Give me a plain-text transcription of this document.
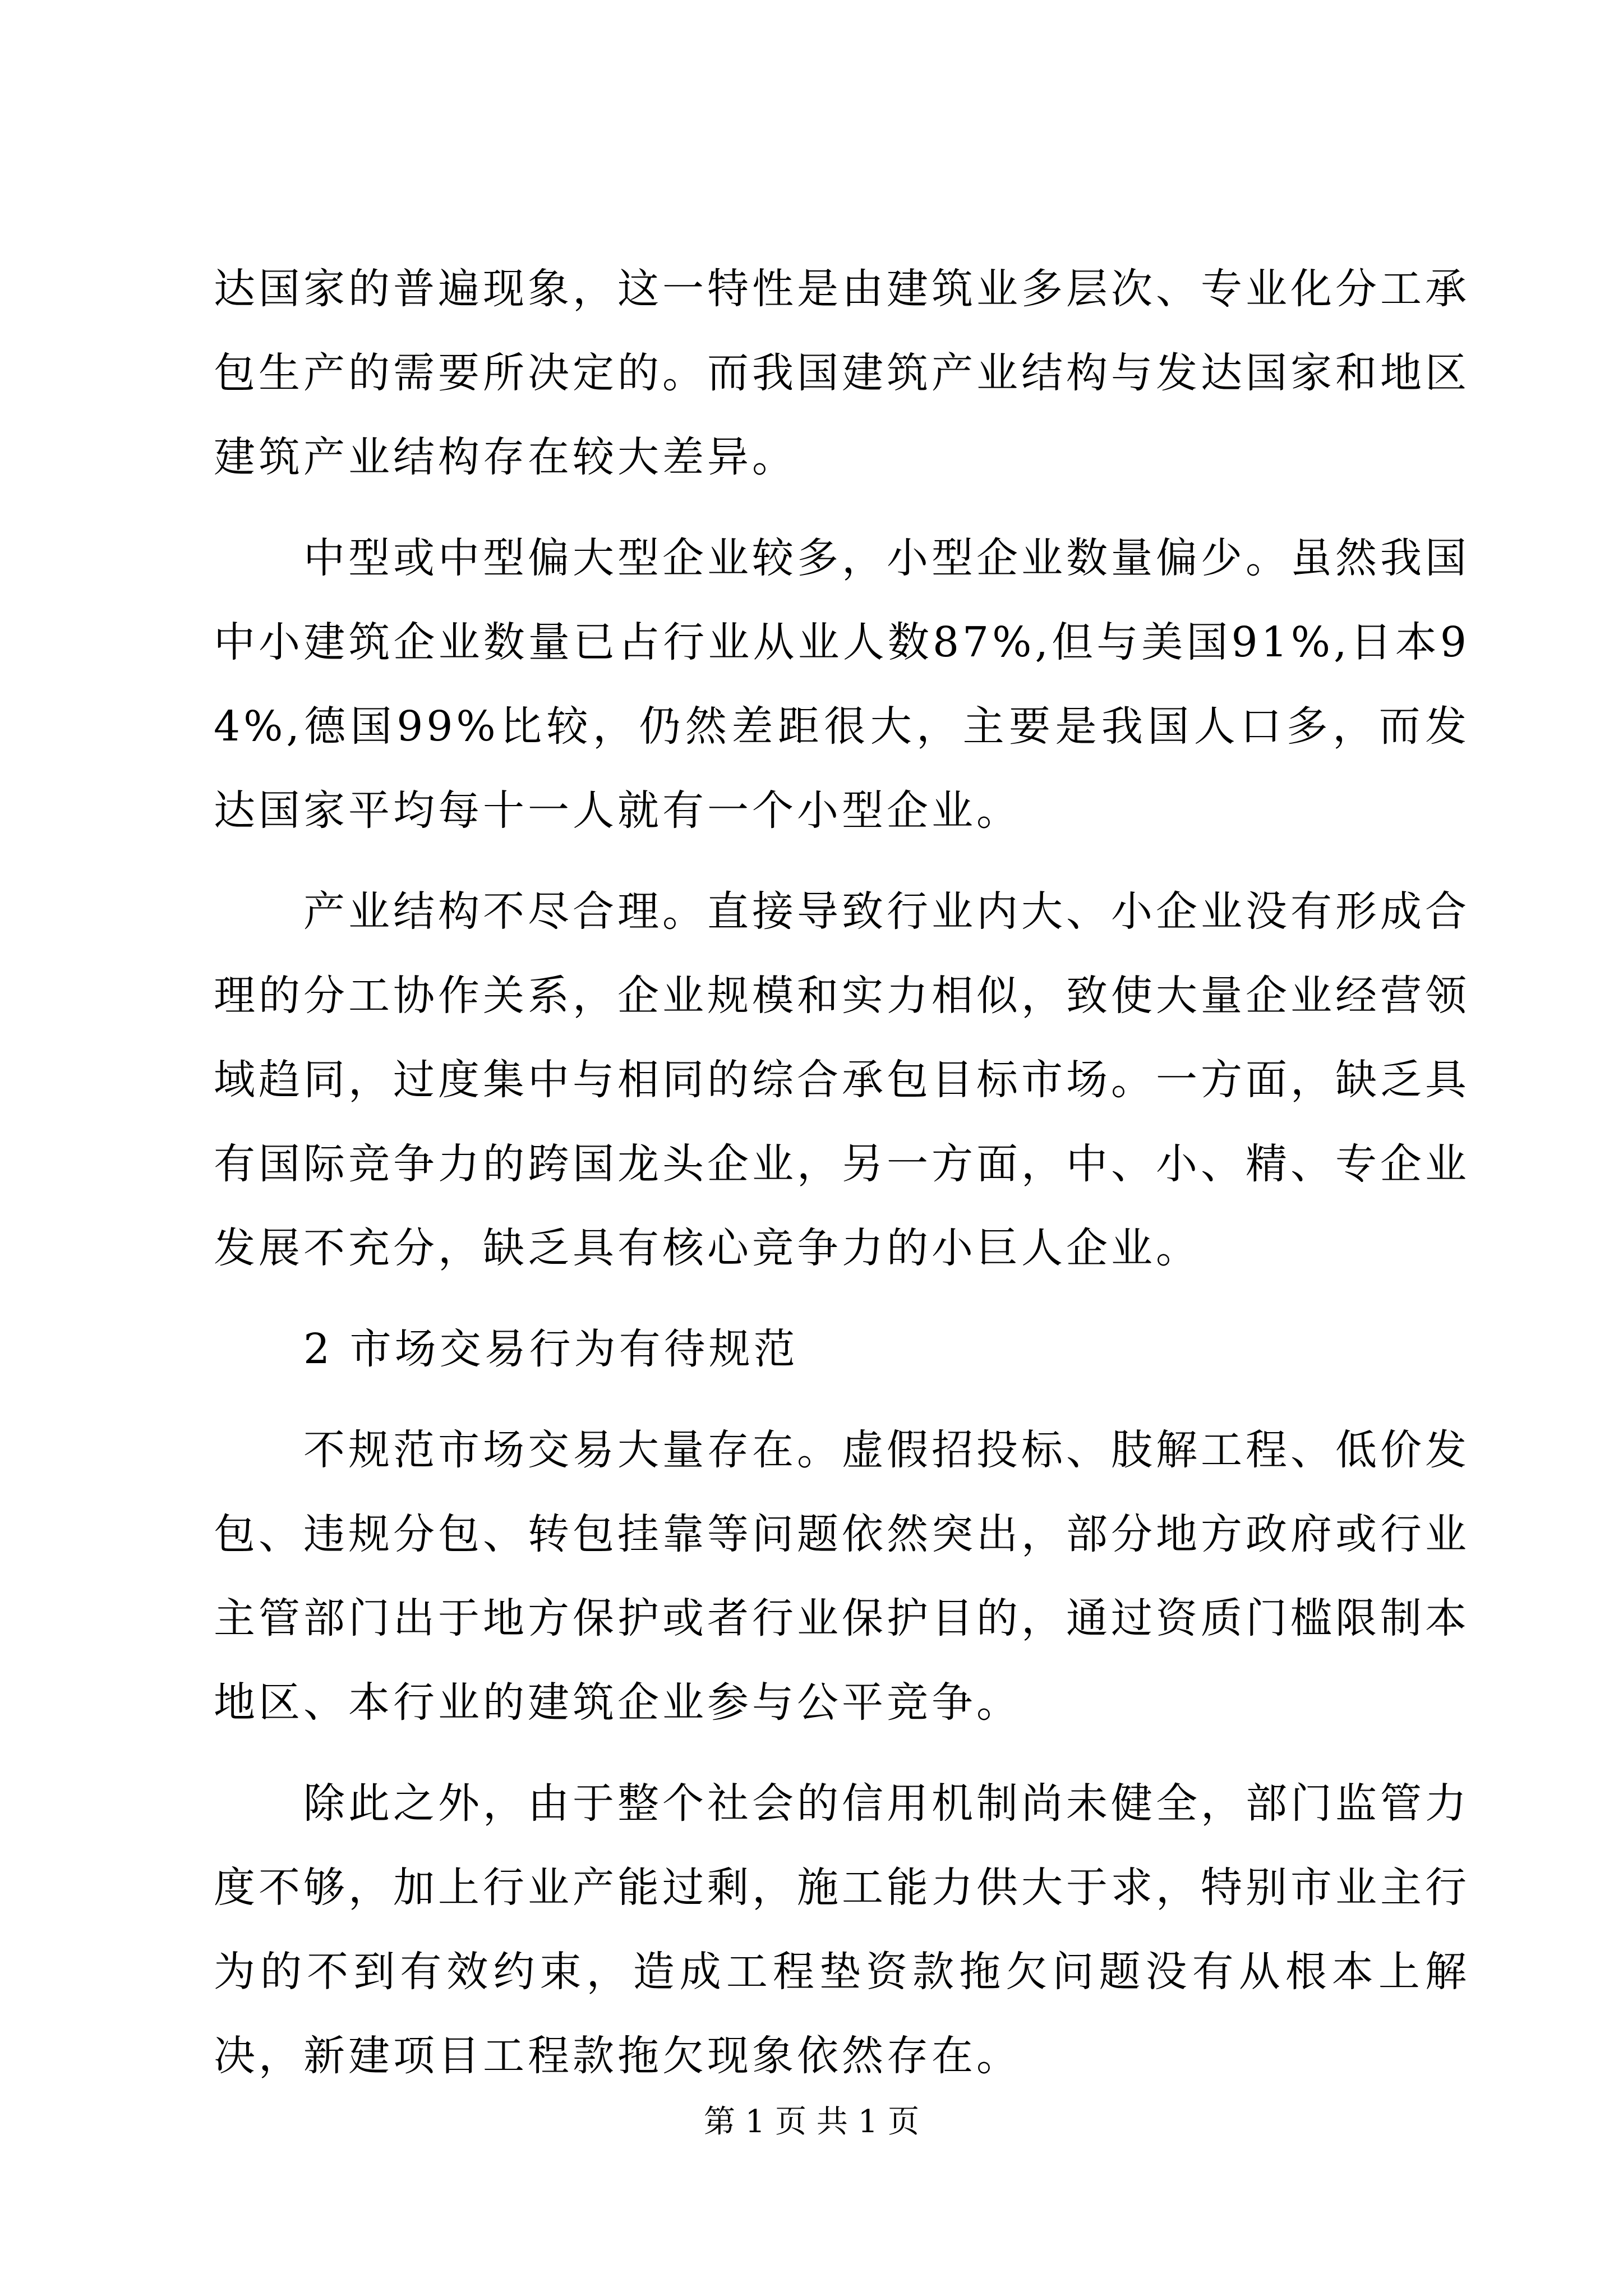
达国家的普遍现象，这一特性是由建筑业多层次、专业化分工承包生产的需要所决定的。而我国建筑产业结构与发达国家和地区建筑产业结构存在较大差异。

中型或中型偏大型企业较多，小型企业数量偏少。虽然我国中小建筑企业数量已占行业从业人数87%,但与美国91%,日本94%,德国99%比较，仍然差距很大，主要是我国人口多，而发达国家平均每十一人就有一个小型企业。

产业结构不尽合理。直接导致行业内大、小企业没有形成合理的分工协作关系，企业规模和实力相似，致使大量企业经营领域趋同，过度集中与相同的综合承包目标市场。一方面，缺乏具有国际竞争力的跨国龙头企业，另一方面，中、小、精、专企业发展不充分，缺乏具有核心竞争力的小巨人企业。

2 市场交易行为有待规范

不规范市场交易大量存在。虚假招投标、肢解工程、低价发包、违规分包、转包挂靠等问题依然突出，部分地方政府或行业主管部门出于地方保护或者行业保护目的，通过资质门槛限制本地区、本行业的建筑企业参与公平竞争。

除此之外，由于整个社会的信用机制尚未健全，部门监管力度不够，加上行业产能过剩，施工能力供大于求，特别市业主行为的不到有效约束，造成工程垫资款拖欠问题没有从根本上解决，新建项目工程款拖欠现象依然存在。

第 1 页 共 1 页
